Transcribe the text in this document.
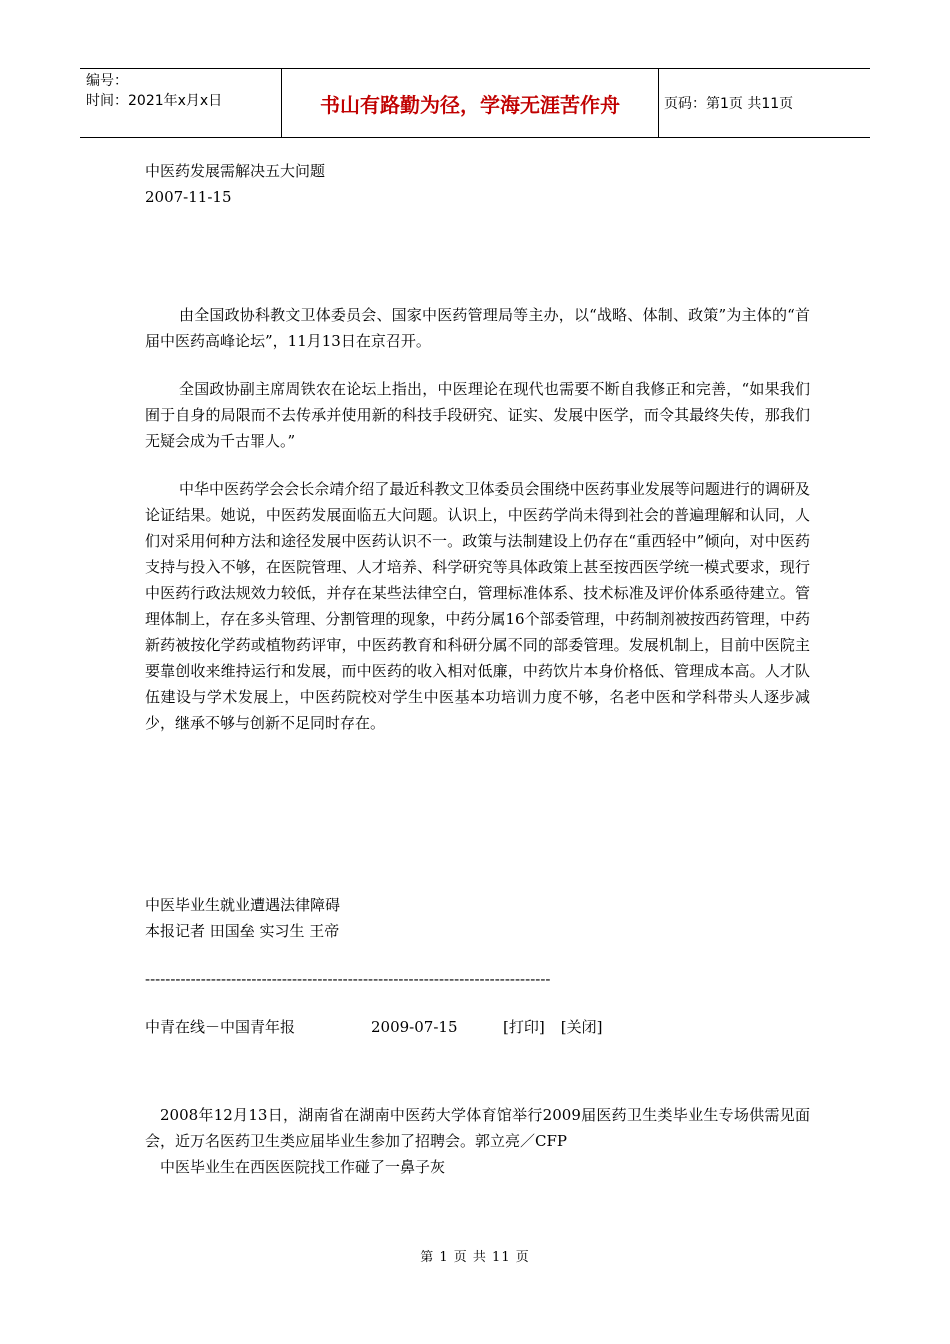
编号：
时间：2021年x月x日	书山有路勤为径，学海无涯苦作舟	页码：第1页 共11页

中医药发展需解决五大问题

2007-11-15

由全国政协科教文卫体委员会、国家中医药管理局等主办，以“战略、体制、政策”为主体的“首届中医药高峰论坛”，11月13日在京召开。

全国政协副主席周铁农在论坛上指出，中医理论在现代也需要不断自我修正和完善，“如果我们囿于自身的局限而不去传承并使用新的科技手段研究、证实、发展中医学，而令其最终失传，那我们无疑会成为千古罪人。”

中华中医药学会会长佘靖介绍了最近科教文卫体委员会围绕中医药事业发展等问题进行的调研及论证结果。她说，中医药发展面临五大问题。认识上，中医药学尚未得到社会的普遍理解和认同，人们对采用何种方法和途径发展中医药认识不一。政策与法制建设上仍存在“重西轻中”倾向，对中医药支持与投入不够，在医院管理、人才培养、科学研究等具体政策上甚至按西医学统一模式要求，现行中医药行政法规效力较低，并存在某些法律空白，管理标准体系、技术标准及评价体系亟待建立。管理体制上，存在多头管理、分割管理的现象，中药分属16个部委管理，中药制剂被按西药管理，中药新药被按化学药或植物药评审，中医药教育和科研分属不同的部委管理。发展机制上，目前中医院主要靠创收来维持运行和发展，而中医药的收入相对低廉，中药饮片本身价格低、管理成本高。人才队伍建设与学术发展上，中医药院校对学生中医基本功培训力度不够，名老中医和学科带头人逐步减少，继承不够与创新不足同时存在。

中医毕业生就业遭遇法律障碍

本报记者 田国垒 实习生 王帝

--------------------------------------------------------------------------------

中青在线－中国青年报	2009-07-15	[打印] [关闭]

2008年12月13日，湖南省在湖南中医药大学体育馆举行2009届医药卫生类毕业生专场供需见面会，近万名医药卫生类应届毕业生参加了招聘会。郭立亮／CFP

中医毕业生在西医医院找工作碰了一鼻子灰

第 1 页 共 11 页
